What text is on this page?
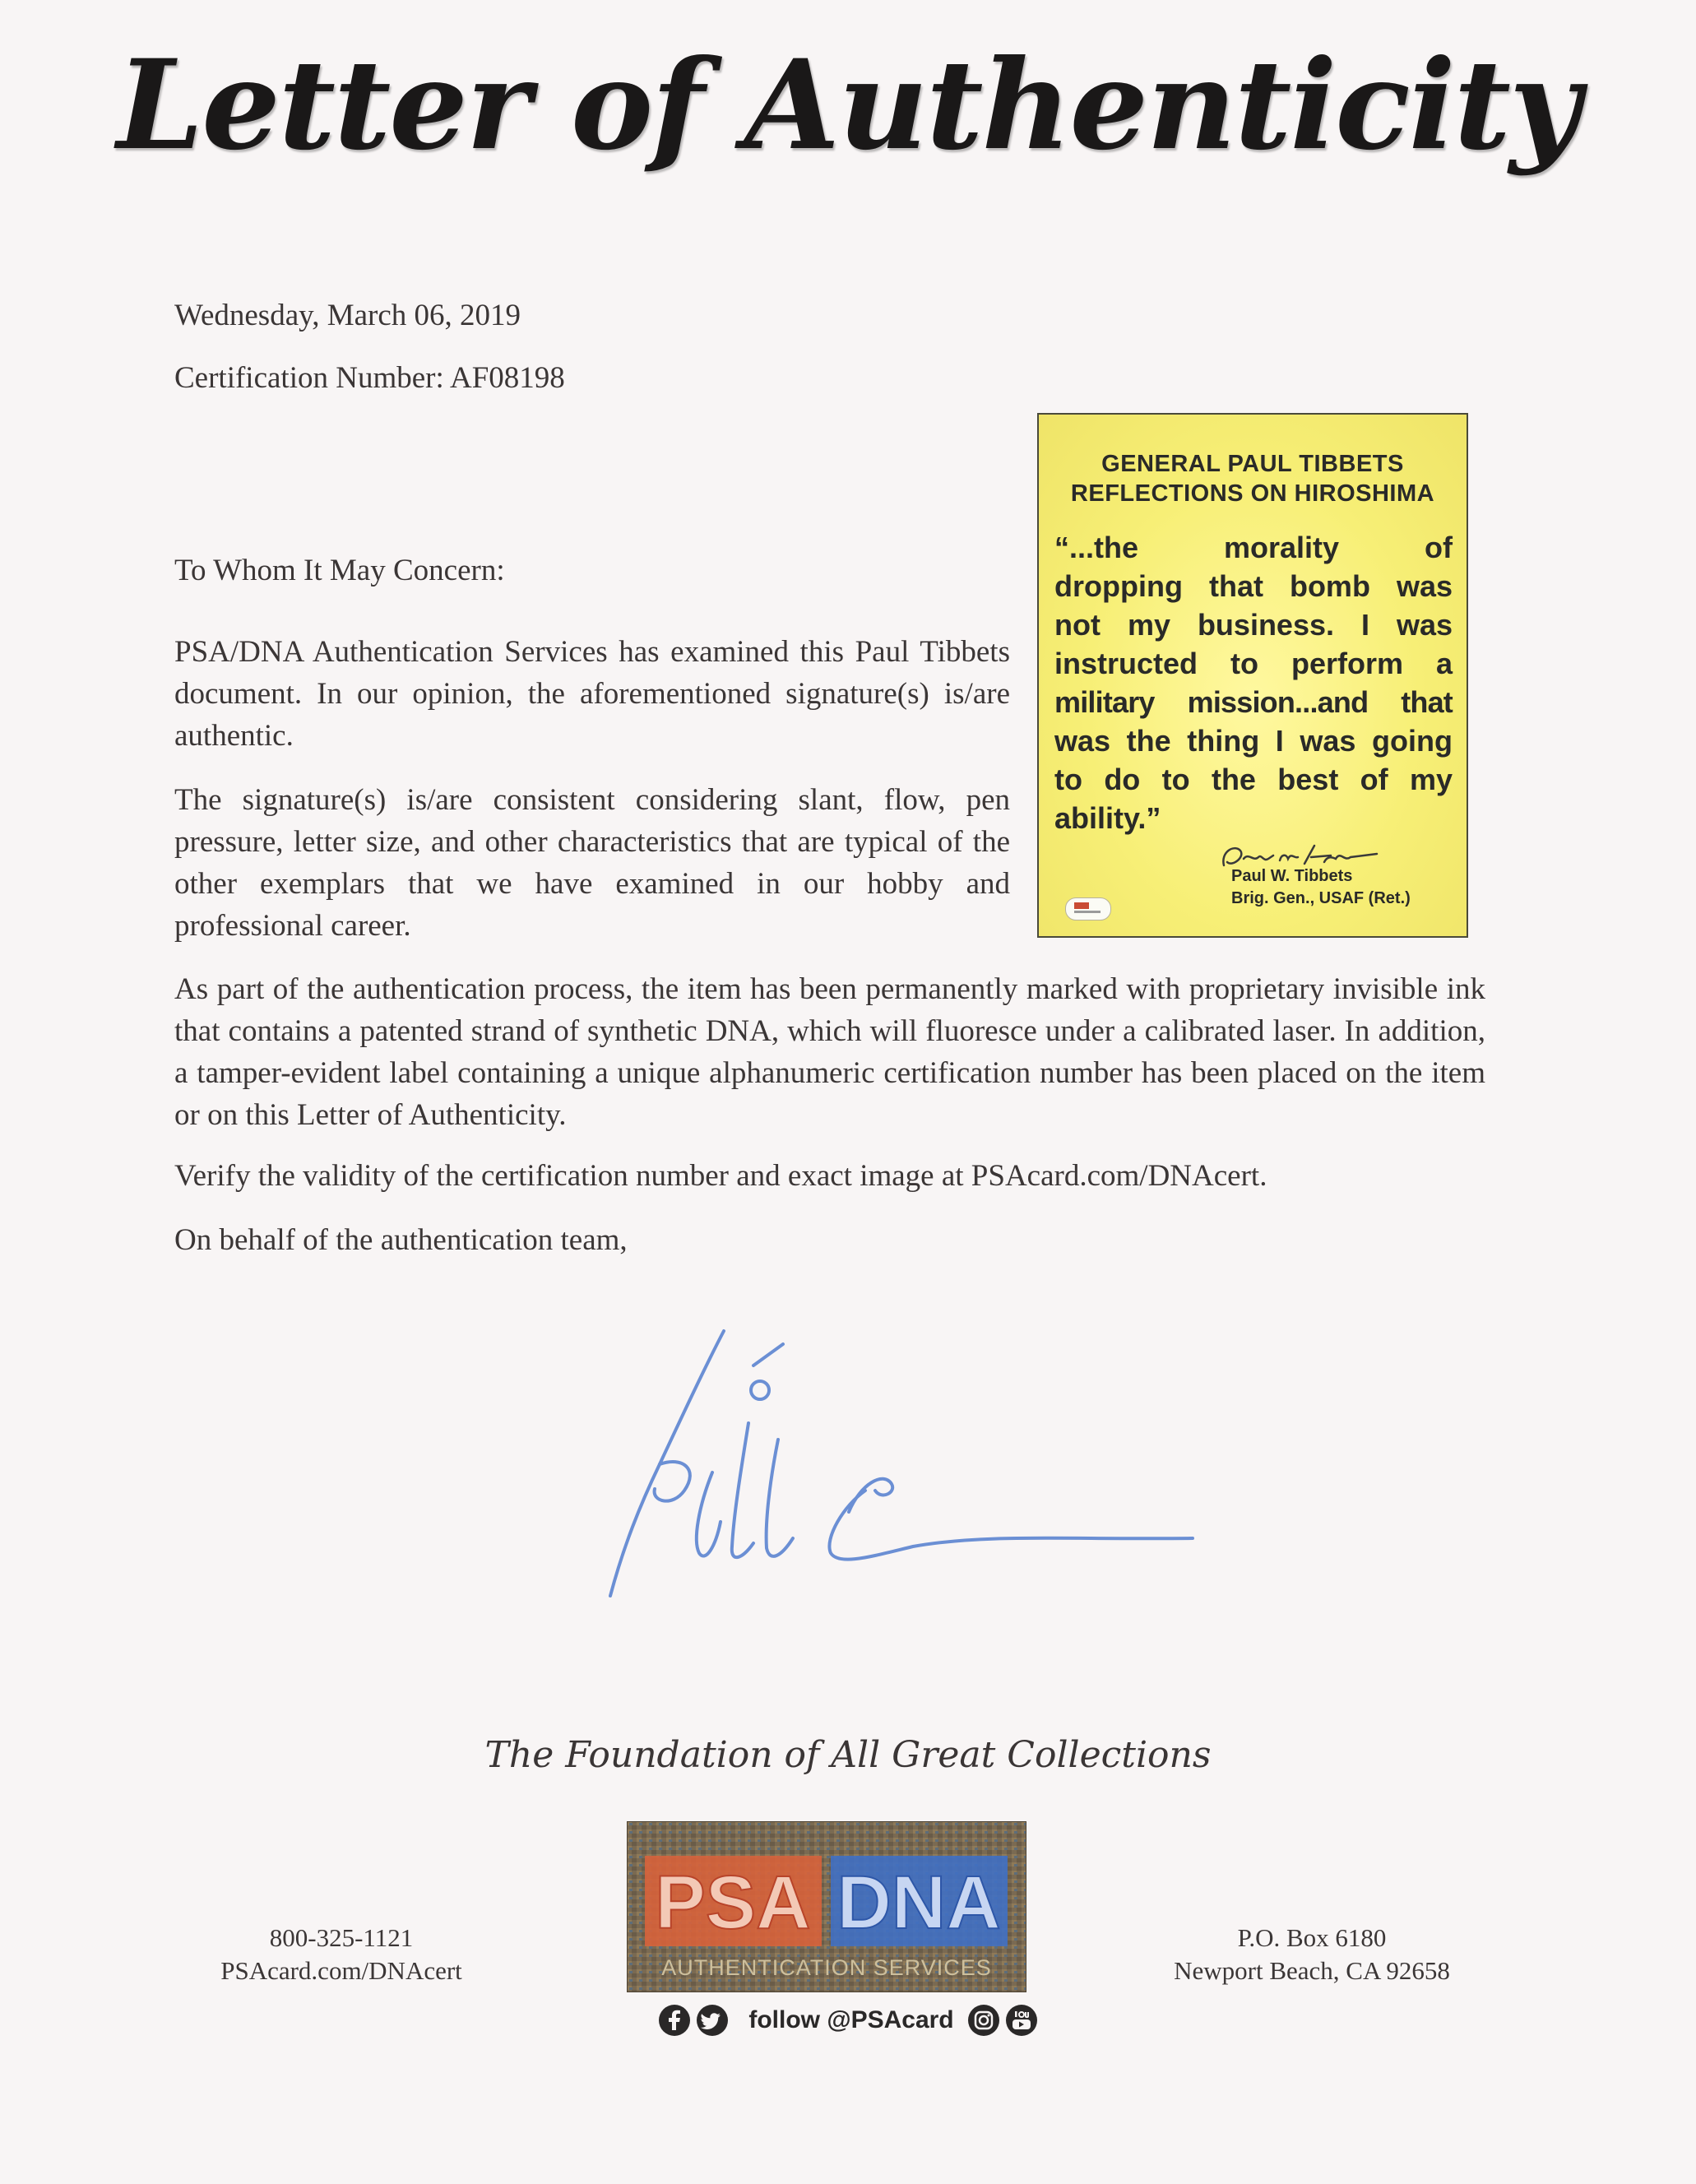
Letter of Authenticity
Wednesday, March 06, 2019
Certification Number: AF08198
To Whom It May Concern:
PSA/DNA Authentication Services has examined this Paul Tibbets document. In our opinion, the aforementioned signature(s) is/are authentic.
The signature(s) is/are consistent considering slant, flow, pen pressure, letter size, and other characteristics that are typical of the other exemplars that we have examined in our hobby and professional career.
As part of the authentication process, the item has been permanently marked with proprietary invisible ink that contains a patented strand of synthetic DNA, which will fluoresce under a calibrated laser. In addition, a tamper-evident label containing a unique alphanumeric certification number has been placed on the item or on this Letter of Authenticity.
Verify the validity of the certification number and exact image at PSAcard.com/DNAcert.
On behalf of the authentication team,
GENERAL PAUL TIBBETS
REFLECTIONS ON HIROSHIMA
“...the morality of
dropping that bomb was
not my business. I was
instructed to perform a
military mission...and that
was the thing I was going
to do to the best of my
ability.”
Paul W. Tibbets
Brig. Gen., USAF (Ret.)
The Foundation of All Great Collections
800-325-1121
PSAcard.com/DNAcert
PSA DNA
AUTHENTICATION SERVICES
follow @PSAcard
P.O. Box 6180
Newport Beach, CA 92658
